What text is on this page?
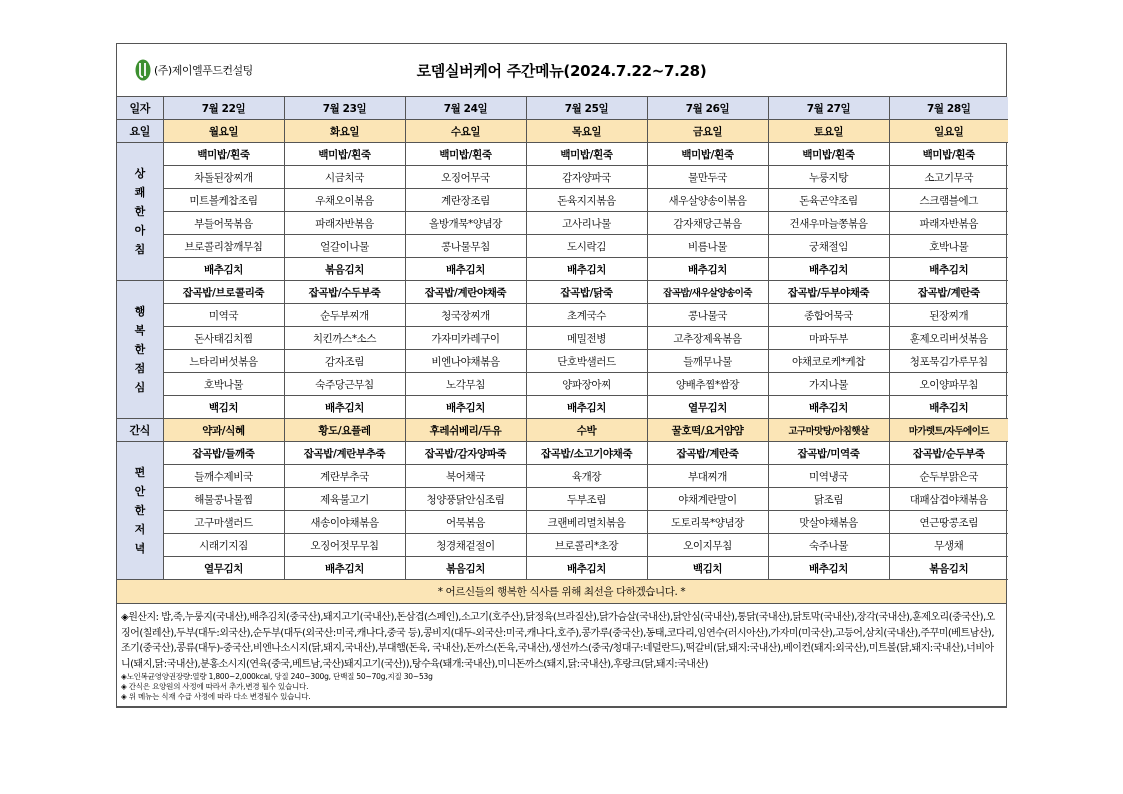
(주)제이엘푸드컨설팅	로뎀실버케어 주간메뉴(2024.7.22~7.28)
일자	7월 22일	7월 23일	7월 24일	7월 25일	7월 26일	7월 27일	7월 28일
요일	월요일	화요일	수요일	목요일	금요일	토요일	일요일

상
쾌
한
아
침	백미밥/흰죽	백미밥/흰죽	백미밥/흰죽	백미밥/흰죽	백미밥/흰죽	백미밥/흰죽	백미밥/흰죽
	차돌된장찌개	시금치국	오징어무국	감자양파국	물만두국	누룽지탕	소고기무국
	미트볼케찹조림	우채오이볶음	계란장조림	돈육지지볶음	새우살양송이볶음	돈육곤약조림	스크램블에그
	부들어묵볶음	파래자반볶음	올방개묵*양념장	고사리나물	감자채당근볶음	건새우마늘쫑볶음	파래자반볶음
	브로콜리참깨무침	얼갈이나물	콩나물무침	도시락김	비름나물	궁채절임	호박나물
	배추김치	볶음김치	배추김치	배추김치	배추김치	배추김치	배추김치

행
복
한
점
심	잡곡밥/브로콜리죽	잡곡밥/수두부죽	잡곡밥/계란야채죽	잡곡밥/닭죽	잡곡밥/새우살양송이죽	잡곡밥/두부야채죽	잡곡밥/계란죽
	미역국	순두부찌개	청국장찌개	초계국수	콩나물국	종합어묵국	된장찌개
	돈사태김치찜	치킨까스*소스	가자미카레구이	메밀전병	고추장제육볶음	마파두부	훈제오리버섯볶음
	느타리버섯볶음	감자조림	비엔나야채볶음	단호박샐러드	들깨무나물	야채코로케*케찹	청포묵김가루무침
	호박나물	숙주당근무침	노각무침	양파장아찌	양배추찜*쌈장	가지나물	오이양파무침
	백김치	배추김치	배추김치	배추김치	열무김치	배추김치	배추김치
간식	약과/식혜	황도/요플레	후레쉬베리/두유	수박	꿀호떡/요거얌얌	고구마맛탕/아침햇살	마가렛트/자두에이드

편
안
한
저
녁	잡곡밥/들깨죽	잡곡밥/계란부추죽	잡곡밥/감자양파죽	잡곡밥/소고기야채죽	잡곡밥/계란죽	잡곡밥/미역죽	잡곡밥/순두부죽
	들깨수제비국	계란부추국	북어채국	육개장	부대찌개	미역냉국	순두부맑은국
	해물콩나물찜	제육불고기	청양풍닭안심조림	두부조림	야채계란말이	닭조림	대패삼겹야채볶음
	고구마샐러드	새송이야채볶음	어묵볶음	크랜베리멸치볶음	도토리묵*양념장	맛살야채볶음	연근땅콩조림
	시래기지짐	오징어젓무무침	청경채겉절이	브로콜리*초장	오이지무침	숙주나물	무생채
	열무김치	배추김치	볶음김치	배추김치	백김치	배추김치	볶음김치
* 어르신들의 행복한 식사를 위해 최선을 다하겠습니다. *

◈원산지: 밥,죽,누룽지(국내산),배추김치(중국산),돼지고기(국내산),돈삼겹(스페인),소고기(호주산),닭정육(브라질산),닭가슴살(국내산),닭안심(국내산),통닭(국내산),닭토막(국내산),장각(국내산),훈제오리(중국산),오징어(칠레산),두부(대두:외국산),순두부(대두(외국산:미국,캐나다,중국 등),콩비지(대두-외국산:미국,캐나다,호주),콩가루(중국산),동태,코다리,임연수(러시아산),가자미(미국산),고등어,삼치(국내산),주꾸미(베트남산),조기(중국산),콩류(대두)-중국산,비엔나소시지(닭,돼지,국내산),부대햄(돈육, 국내산),돈까스(돈육,국내산),생선까스(중국/청대구:네덜란드),떡갈비(닭,돼지:국내산),베이컨(돼지:외국산),미트볼(닭,돼지:국내산),너비아니(돼지,닭:국내산),분홍소시지(연육(중국,베트남,국산)돼지고기(국산)),탕수육(돼개:국내산),미니돈까스(돼지,닭:국내산),후랑크(닭,돼지:국내산)
◈노인복균영양권장량:열량 1,800~2,000kcal, 당질 240~300g, 단백질 50~70g,지질 30~53g
◈ 간식은 요양원의 사정에 따라서 추가,변경 될수 있습니다.
◈ 위 메뉴는 식재 수급 사정에 따라 다소 변경될수 있습니다.
